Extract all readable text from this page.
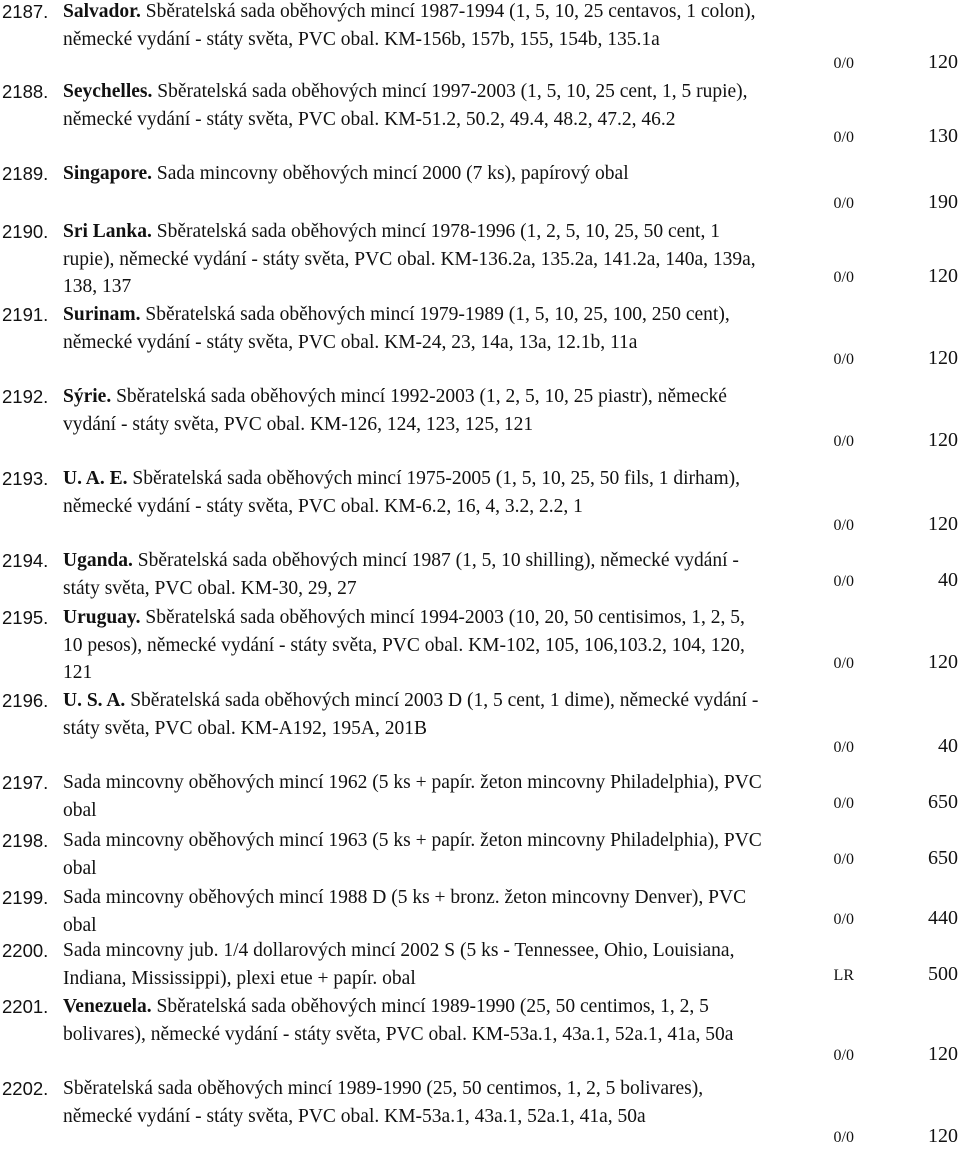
2187. Salvador. Sběratelská sada oběhových mincí 1987-1994 (1, 5, 10, 25 centavos, 1 colon), německé vydání - státy světa, PVC obal. KM-156b, 157b, 155, 154b, 135.1a
0/0	120
2188. Seychelles. Sběratelská sada oběhových mincí 1997-2003 (1, 5, 10, 25 cent, 1, 5 rupie), německé vydání - státy světa, PVC obal. KM-51.2, 50.2, 49.4, 48.2, 47.2, 46.2
0/0	130
2189. Singapore. Sada mincovny oběhových mincí 2000 (7 ks), papírový obal
0/0	190
2190. Sri Lanka. Sběratelská sada oběhových mincí 1978-1996 (1, 2, 5, 10, 25, 50 cent, 1 rupie), německé vydání - státy světa, PVC obal. KM-136.2a, 135.2a, 141.2a, 140a, 139a, 138, 137	0/0	120
2191. Surinam. Sběratelská sada oběhových mincí 1979-1989 (1, 5, 10, 25, 100, 250 cent), německé vydání - státy světa, PVC obal. KM-24, 23, 14a, 13a, 12.1b, 11a
0/0	120
2192. Sýrie. Sběratelská sada oběhových mincí 1992-2003 (1, 2, 5, 10, 25 piastr), německé vydání - státy světa, PVC obal. KM-126, 124, 123, 125, 121
0/0	120
2193. U. A. E. Sběratelská sada oběhových mincí 1975-2005 (1, 5, 10, 25, 50 fils, 1 dirham), německé vydání - státy světa, PVC obal. KM-6.2, 16, 4, 3.2, 2.2, 1
0/0	120
2194. Uganda. Sběratelská sada oběhových mincí 1987 (1, 5, 10 shilling), německé vydání - státy světa, PVC obal. KM-30, 29, 27	0/0	40
2195. Uruguay. Sběratelská sada oběhových mincí 1994-2003 (10, 20, 50 centisimos, 1, 2, 5, 10 pesos), německé vydání - státy světa, PVC obal. KM-102, 105, 106,103.2, 104, 120, 121	0/0	120
2196. U. S. A. Sběratelská sada oběhových mincí 2003 D (1, 5 cent, 1 dime), německé vydání - státy světa, PVC obal. KM-A192, 195A, 201B
0/0	40
2197. Sada mincovny oběhových mincí 1962 (5 ks + papír. žeton mincovny Philadelphia), PVC obal	0/0	650
2198. Sada mincovny oběhových mincí 1963 (5 ks + papír. žeton mincovny Philadelphia), PVC obal	0/0	650
2199. Sada mincovny oběhových mincí 1988 D (5 ks + bronz. žeton mincovny Denver), PVC obal	0/0	440
2200. Sada mincovny jub. 1/4 dollarových mincí 2002 S (5 ks - Tennessee, Ohio, Louisiana, Indiana, Mississippi), plexi etue + papír. obal	LR	500
2201. Venezuela. Sběratelská sada oběhových mincí 1989-1990 (25, 50 centimos, 1, 2, 5 bolivares), německé vydání - státy světa, PVC obal. KM-53a.1, 43a.1, 52a.1, 41a, 50a
0/0	120
2202. Sběratelská sada oběhových mincí 1989-1990 (25, 50 centimos, 1, 2, 5 bolivares), německé vydání - státy světa, PVC obal. KM-53a.1, 43a.1, 52a.1, 41a, 50a
0/0	120
